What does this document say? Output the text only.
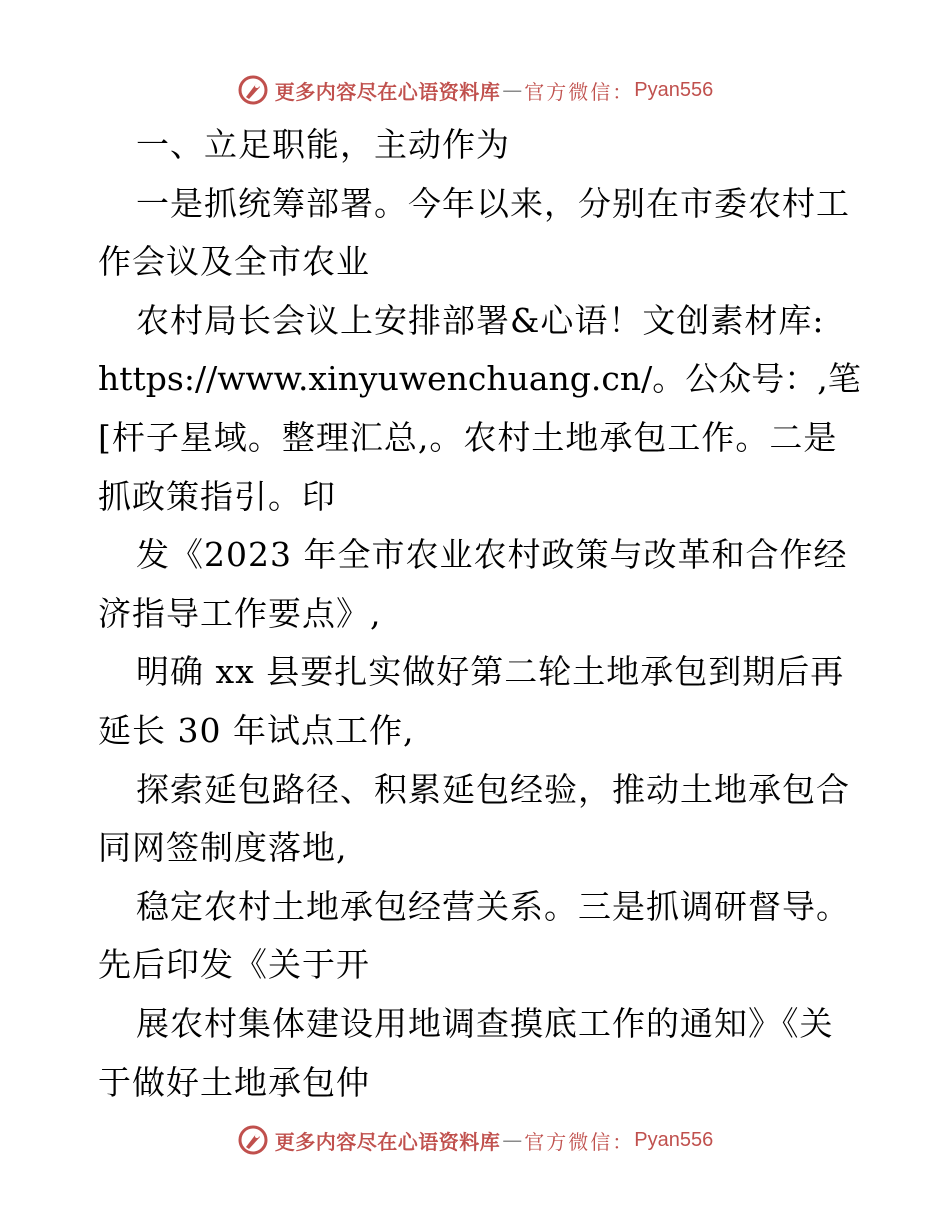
更多内容尽在心语资料库 — 官方微信： Pyan556
一、立足职能，主动作为
一是抓统筹部署。今年以来，分别在市委农村工
作会议及全市农业
农村局长会议上安排部署&心语！文创素材库:
https://www.xinyuwenchuang.cn/。公众号：,笔
[杆子星域。整理汇总,。农村土地承包工作。二是
抓政策指引。印
发《2023 年全市农业农村政策与改革和合作经
济指导工作要点》,
明确 xx 县要扎实做好第二轮土地承包到期后再
延长 30 年试点工作,
探索延包路径、积累延包经验，推动土地承包合
同网签制度落地,
稳定农村土地承包经营关系。三是抓调研督导。
先后印发《关于开
展农村集体建设用地调查摸底工作的通知》《关
于做好土地承包仲
更多内容尽在心语资料库 — 官方微信： Pyan556
